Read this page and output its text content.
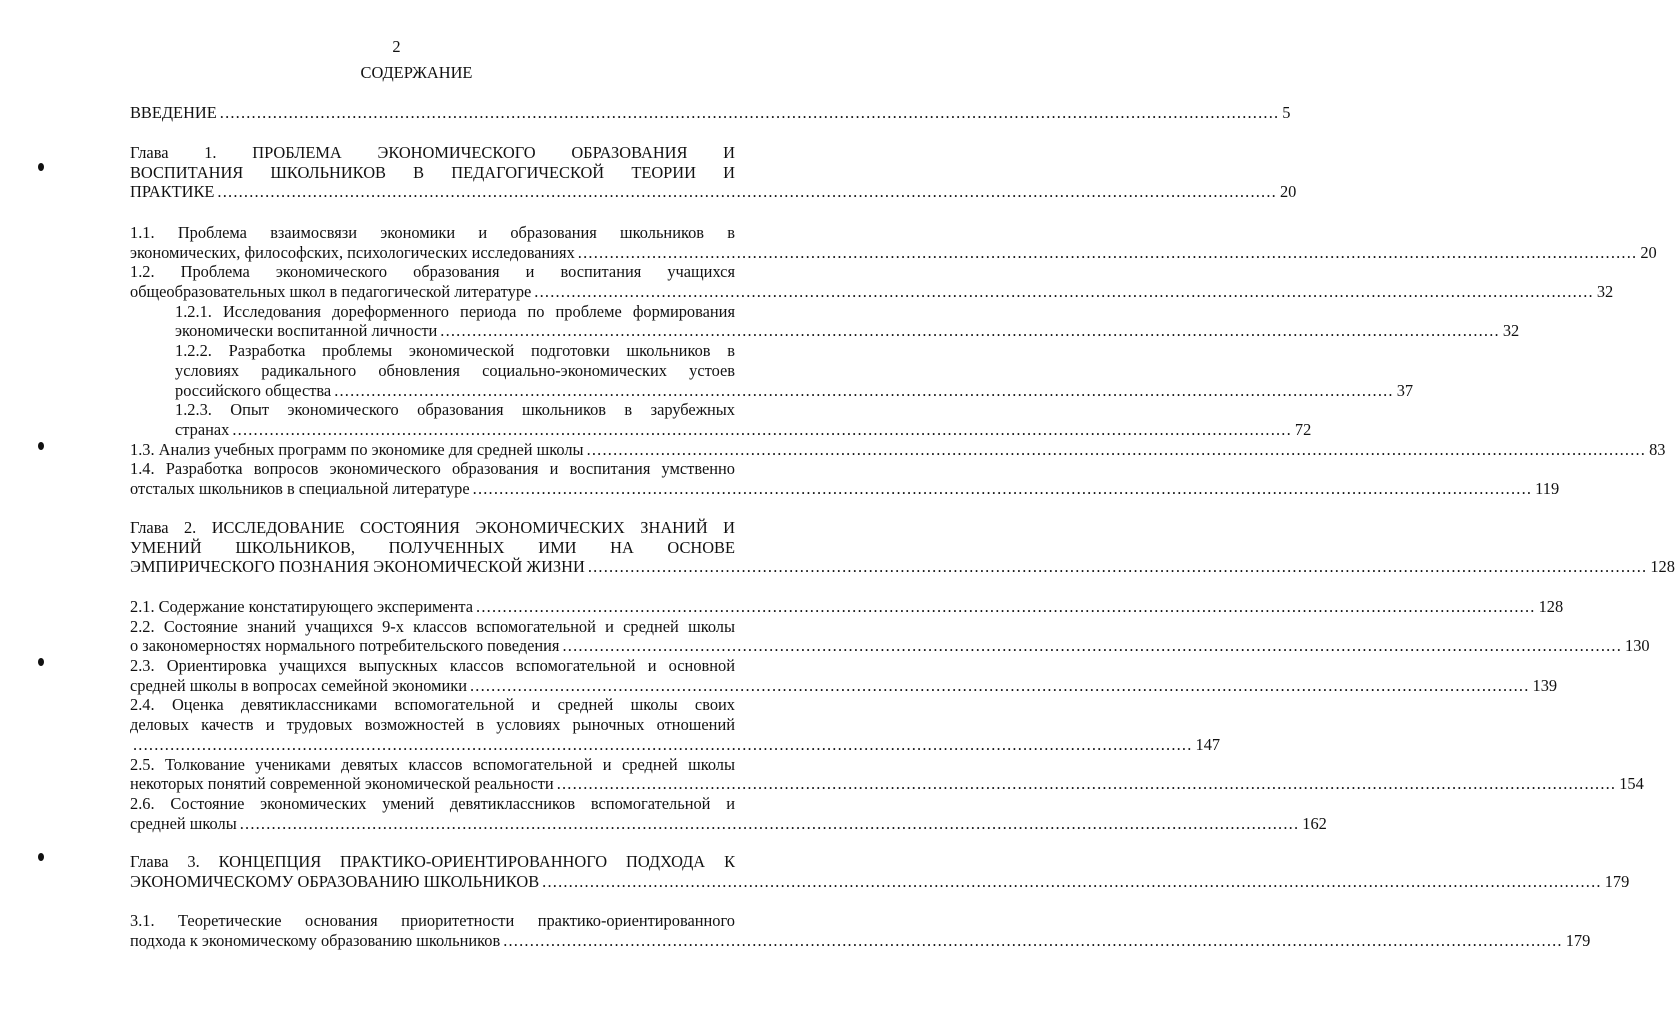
2
СОДЕРЖАНИЕ
ВВЕДЕНИЕ ........................................................................................................................................................................................................ 5
Глава 1. ПРОБЛЕМА ЭКОНОМИЧЕСКОГО ОБРАЗОВАНИЯ И
ВОСПИТАНИЯ ШКОЛЬНИКОВ В ПЕДАГОГИЧЕСКОЙ ТЕОРИИ И
ПРАКТИКЕ ........................................................................................................................................................................................................ 20
1.1. Проблема взаимосвязи экономики и образования школьников в
экономических, философских, психологических исследованиях ........................................................................................................................................................................................................ 20
1.2. Проблема экономического образования и воспитания учащихся
общеобразовательных школ в педагогической литературе ........................................................................................................................................................................................................ 32
1.2.1. Исследования дореформенного периода по проблеме формирования
экономически воспитанной личности ........................................................................................................................................................................................................ 32
1.2.2. Разработка проблемы экономической подготовки школьников в
условиях радикального обновления социально-экономических устоев
российского общества ........................................................................................................................................................................................................ 37
1.2.3. Опыт экономического образования школьников в зарубежных
странах ........................................................................................................................................................................................................ 72
1.3. Анализ учебных программ по экономике для средней школы ........................................................................................................................................................................................................ 83
1.4. Разработка вопросов экономического образования и воспитания умственно
отсталых школьников в специальной литературе ........................................................................................................................................................................................................ 119
Глава 2. ИССЛЕДОВАНИЕ СОСТОЯНИЯ ЭКОНОМИЧЕСКИХ ЗНАНИЙ И
УМЕНИЙ ШКОЛЬНИКОВ, ПОЛУЧЕННЫХ ИМИ НА ОСНОВЕ
ЭМПИРИЧЕСКОГО ПОЗНАНИЯ ЭКОНОМИЧЕСКОЙ ЖИЗНИ ........................................................................................................................................................................................................ 128
2.1. Содержание констатирующего эксперимента ........................................................................................................................................................................................................ 128
2.2. Состояние знаний учащихся 9-х классов вспомогательной и средней школы
о закономерностях нормального потребительского поведения ........................................................................................................................................................................................................ 130
2.3. Ориентировка учащихся выпускных классов вспомогательной и основной
средней школы в вопросах семейной экономики ........................................................................................................................................................................................................ 139
2.4. Оценка девятиклассниками вспомогательной и средней школы своих
деловых качеств и трудовых возможностей в условиях рыночных отношений
........................................................................................................................................................................................................ 147
2.5. Толкование учениками девятых классов вспомогательной и средней школы
некоторых понятий современной экономической реальности ........................................................................................................................................................................................................ 154
2.6. Состояние экономических умений девятиклассников вспомогательной и
средней школы ........................................................................................................................................................................................................ 162
Глава 3. КОНЦЕПЦИЯ ПРАКТИКО-ОРИЕНТИРОВАННОГО ПОДХОДА К
ЭКОНОМИЧЕСКОМУ ОБРАЗОВАНИЮ ШКОЛЬНИКОВ ........................................................................................................................................................................................................ 179
3.1. Теоретические основания приоритетности практико-ориентированного
подхода к экономическому образованию школьников ........................................................................................................................................................................................................ 179
